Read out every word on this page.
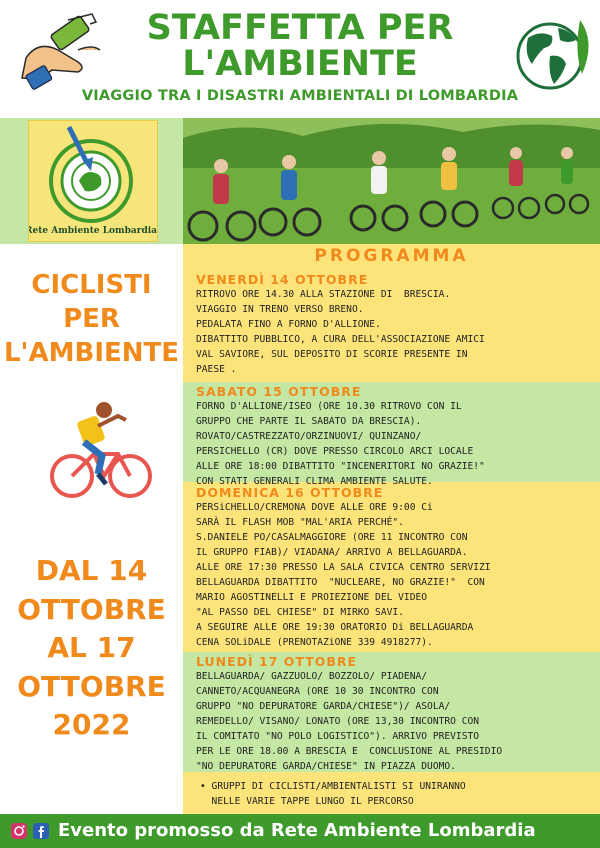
STAFFETTA PER
L'AMBIENTE
VIAGGIO TRA I DISASTRI AMBIENTALI DI LOMBARDIA
Rete Ambiente Lombardia
CICLISTI
PER
L'AMBIENTE
DAL 14
OTTOBRE
AL 17
OTTOBRE
2022
PROGRAMMA
VENERDÌ 14 OTTOBRE
RITROVO ORE 14.30 ALLA STAZIONE DI  BRESCIA.
VIAGGIO IN TRENO VERSO BRENO.
PEDALATA FINO A FORNO D'ALLIONE.
DIBATTITO PUBBLICO, A CURA DELL'ASSOCIAZIONE AMICI
VAL SAVIORE, SUL DEPOSITO DI SCORIE PRESENTE IN
PAESE .
SABATO 15 OTTOBRE
FORNO D'ALLIONE/ISEO (ORE 10.30 RITROVO CON IL
GRUPPO CHE PARTE IL SABATO DA BRESCIA).
ROVATO/CASTREZZATO/ORZINUOVI/ QUINZANO/
PERSICHELLO (CR) DOVE PRESSO CIRCOLO ARCI LOCALE
ALLE ORE 18:00 DIBATTITO "INCENERITORI NO GRAZIE!"
CON STATI GENERALI CLIMA AMBIENTE SALUTE.
DOMENICA 16 OTTOBRE
PERSiCHELLO/CREMONA DOVE ALLE ORE 9:00 Ci
SARÀ IL FLASH MOB "MAL'ARIA PERCHÉ".
S.DANIELE PO/CASALMAGGIORE (ORE 11 INCONTRO CON
IL GRUPPO FIAB)/ VIADANA/ ARRIVO A BELLAGUARDA.
ALLE ORE 17:30 PRESSO LA SALA CIVICA CENTRO SERVIZI
BELLAGUARDA DIBATTITO  "NUCLEARE, NO GRAZIE!"  CON
MARIO AGOSTINELLI E PROIEZIONE DEL VIDEO
"AL PASSO DEL CHIESE" DI MIRKO SAVI.
A SEGUIRE ALLE ORE 19:30 ORATORIO Di BELLAGUARDA
CENA SOLiDALE (PRENOTAZiONE 339 4918277).
LUNEDÌ 17 OTTOBRE
BELLAGUARDA/ GAZZUOLO/ BOZZOLO/ PIADENA/
CANNETO/ACQUANEGRA (ORE 10 30 INCONTRO CON
GRUPPO "NO DEPURATORE GARDA/CHIESE")/ ASOLA/
REMEDELLO/ VISANO/ LONATO (ORE 13,30 INCONTRO CON
IL COMITATO "NO POLO LOGISTICO"). ARRIVO PREVISTO
PER LE ORE 18.00 A BRESCIA E  CONCLUSIONE AL PRESIDIO
"NO DEPURATORE GARDA/CHIESE" IN PIAZZA DUOMO.
• GRUPPI DI CICLISTI/AMBIENTALISTI SI UNIRANNO
NELLE VARIE TAPPE LUNGO IL PERCORSO
Evento promosso da Rete Ambiente Lombardia
